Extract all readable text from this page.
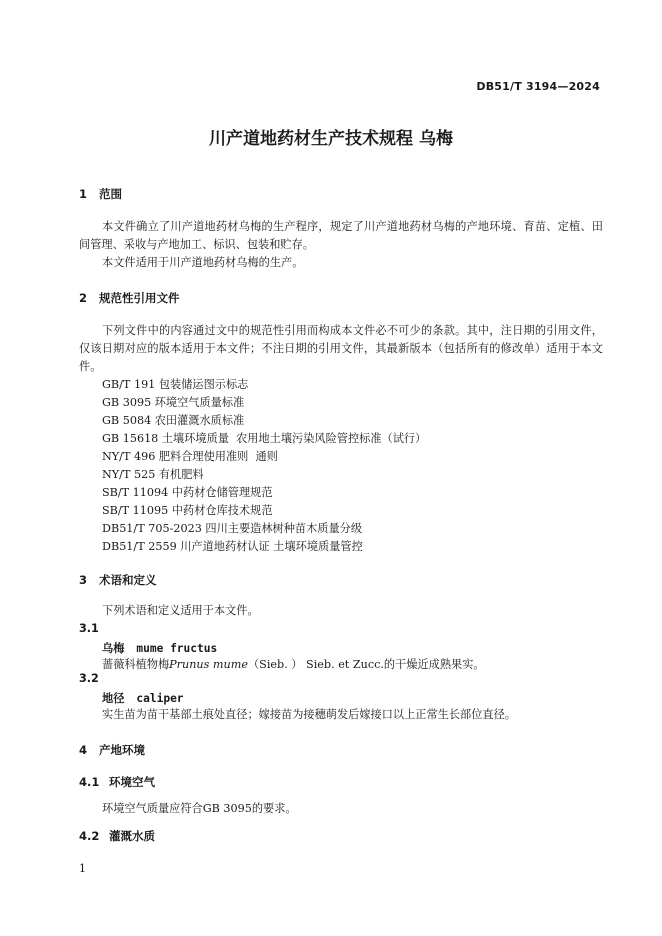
DB51/T 3194—2024
川产道地药材生产技术规程 乌梅
1 范围
本文件确立了川产道地药材乌梅的生产程序，规定了川产道地药材乌梅的产地环境、育苗、定植、田间管理、采收与产地加工、标识、包装和贮存。
本文件适用于川产道地药材乌梅的生产。
2 规范性引用文件
下列文件中的内容通过文中的规范性引用而构成本文件必不可少的条款。其中，注日期的引用文件，仅该日期对应的版本适用于本文件；不注日期的引用文件，其最新版本（包括所有的修改单）适用于本文件。
GB/T 191 包装储运图示标志
GB 3095 环境空气质量标准
GB 5084 农田灌溉水质标准
GB 15618 土壤环境质量  农用地土壤污染风险管控标准（试行）
NY/T 496 肥料合理使用准则  通则
NY/T 525 有机肥料
SB/T 11094 中药材仓储管理规范
SB/T 11095 中药材仓库技术规范
DB51/T 705-2023 四川主要造林树种苗木质量分级
DB51/T 2559 川产道地药材认证 土壤环境质量管控
3 术语和定义
下列术语和定义适用于本文件。
3.1
乌梅 mume fructus
蔷薇科植物梅Prunus mume（Sieb. ） Sieb. et Zucc.的干燥近成熟果实。
3.2
地径 caliper
实生苗为苗干基部土痕处直径；嫁接苗为接穗萌发后嫁接口以上正常生长部位直径。
4 产地环境
4.1 环境空气
环境空气质量应符合GB 3095的要求。
4.2 灌溉水质
1
